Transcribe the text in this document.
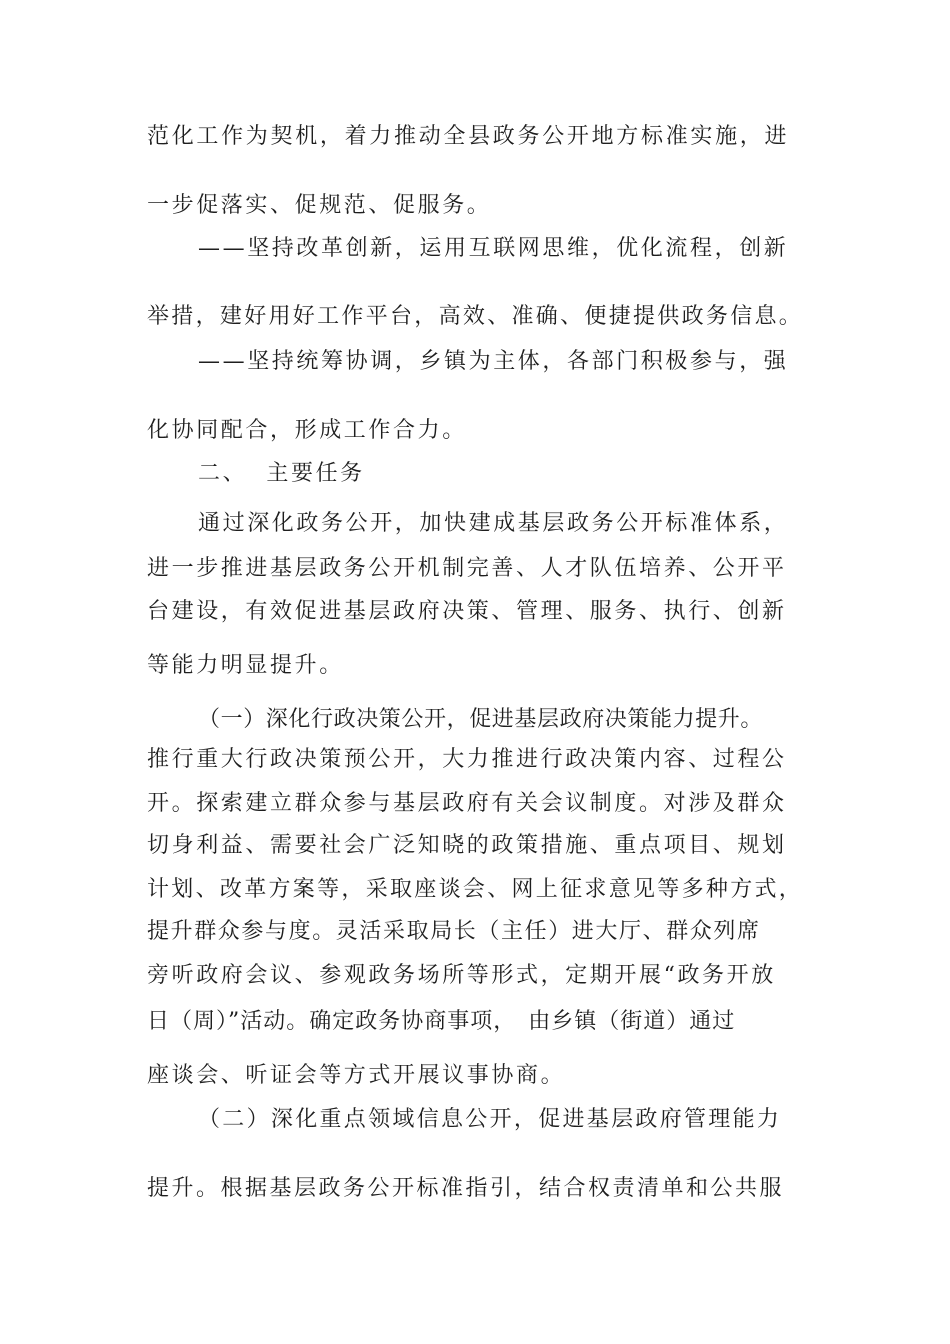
范化工作为契机，着力推动全县政务公开地方标准实施，进

一步促落实、促规范、促服务。

——坚持改革创新，运用互联网思维，优化流程，创新

举措，建好用好工作平台，高效、准确、便捷提供政务信息。

——坚持统筹协调，乡镇为主体，各部门积极参与，强

化协同配合，形成工作合力。

二、  主要任务

通过深化政务公开，加快建成基层政务公开标准体系，

进一步推进基层政务公开机制完善、人才队伍培养、公开平

台建设，有效促进基层政府决策、管理、服务、执行、创新

等能力明显提升。

（一）深化行政决策公开，促进基层政府决策能力提升。

推行重大行政决策预公开，大力推进行政决策内容、过程公

开。探索建立群众参与基层政府有关会议制度。对涉及群众

切身利益、需要社会广泛知晓的政策措施、重点项目、规划

计划、改革方案等，采取座谈会、网上征求意见等多种方式，

提升群众参与度。灵活采取局长（主任）进大厅、群众列席

旁听政府会议、参观政务场所等形式，定期开展“政务开放

日（周）”活动。确定政务协商事项，　由乡镇（街道）通过

座谈会、听证会等方式开展议事协商。

（二）深化重点领域信息公开，促进基层政府管理能力

提升。根据基层政务公开标准指引，结合权责清单和公共服
